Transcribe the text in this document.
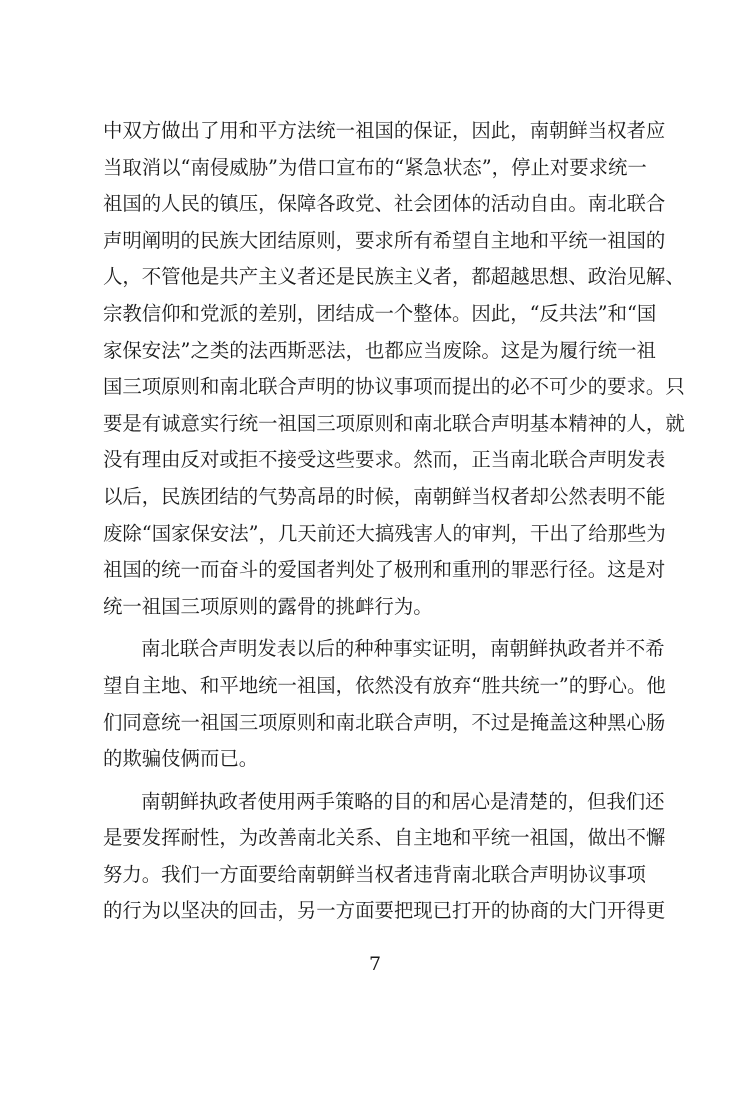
中双方做出了用和平方法统一祖国的保证，因此，南朝鲜当权者应
当取消以“南侵威胁”为借口宣布的“紧急状态”，停止对要求统一
祖国的人民的镇压，保障各政党、社会团体的活动自由。南北联合
声明阐明的民族大团结原则，要求所有希望自主地和平统一祖国的
人，不管他是共产主义者还是民族主义者，都超越思想、政治见解、
宗教信仰和党派的差别，团结成一个整体。因此，“反共法”和“国
家保安法”之类的法西斯恶法，也都应当废除。这是为履行统一祖
国三项原则和南北联合声明的协议事项而提出的必不可少的要求。只
要是有诚意实行统一祖国三项原则和南北联合声明基本精神的人，就
没有理由反对或拒不接受这些要求。然而，正当南北联合声明发表
以后，民族团结的气势高昂的时候，南朝鲜当权者却公然表明不能
废除“国家保安法”，几天前还大搞残害人的审判，干出了给那些为
祖国的统一而奋斗的爱国者判处了极刑和重刑的罪恶行径。这是对
统一祖国三项原则的露骨的挑衅行为。
南北联合声明发表以后的种种事实证明，南朝鲜执政者并不希
望自主地、和平地统一祖国，依然没有放弃“胜共统一”的野心。他
们同意统一祖国三项原则和南北联合声明，不过是掩盖这种黑心肠
的欺骗伎俩而已。
南朝鲜执政者使用两手策略的目的和居心是清楚的，但我们还
是要发挥耐性，为改善南北关系、自主地和平统一祖国，做出不懈
努力。我们一方面要给南朝鲜当权者违背南北联合声明协议事项
的行为以坚决的回击，另一方面要把现已打开的协商的大门开得更
7
